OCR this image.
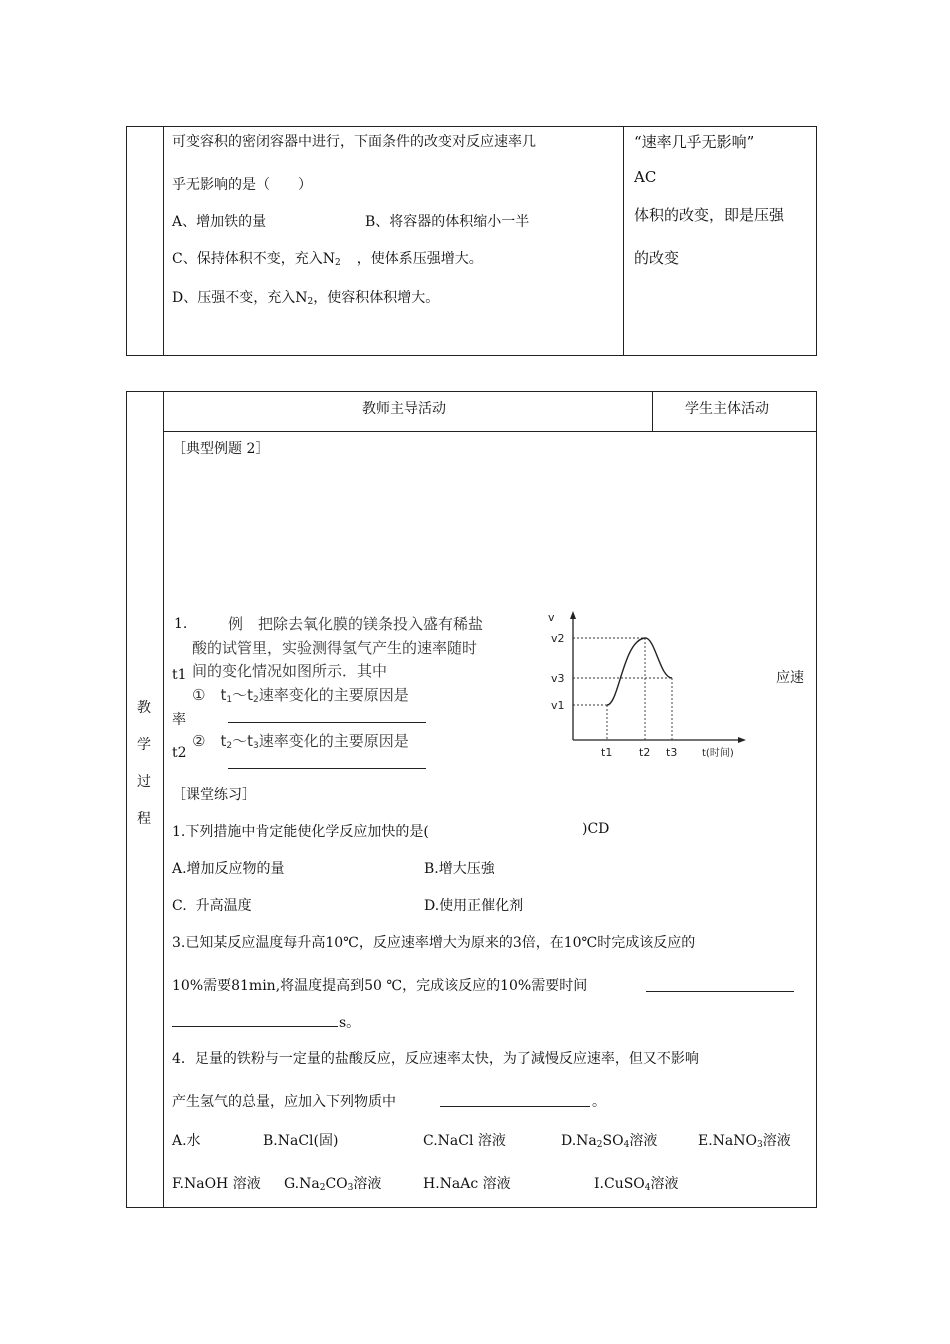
可变容积的密闭容器中进行，下面条件的改变对反应速率几
乎无影响的是（　　）
A、增加铁的量	B、将容器的体积缩小一半
C、保持体积不变，充入$N_2$ ，使体系压强增大。
D、压强不变，充入$N_2$，使容积体积增大。
“速率几乎无影响”
AC
体积的改变，即是压强
的改变
教师主导活动	学生主体活动
教
学
过
程
［典型例题 2］
1.	例　把除去氧化膜的镁条投入盛有稀盐
酸的试管里，实验测得氢气产生的速率随时
间的变化情况如图所示．其中
①　$t_1\sim t_2$速率变化的主要原因是
②　$t_2\sim t_3$速率变化的主要原因是
t1
率
t2
应速
v1
v3
v2
t1 t2 t3 t(时间)
v
［课堂练习］
1.下列措施中肯定能使化学反应加快的是(	)CD
A.增加反应物的量	B.增大压強
C.  升高温度	D.使用正催化剂
3.已知某反应温度每升高10℃，反应速率增大为原来的3倍，在10℃时完成该反应的
10%需要81min,将温度提高到50 ℃，完成该反应的10%需要时间
s。
4．足量的铁粉与一定量的盐酸反应，反应速率太快，为了減慢反应速率，但又不影响
产生氢气的总量，应加入下列物质中	。
A.水	B.NaCl(固)	C.NaCl 溶液	$D.Na_2SO_4$溶液	E.NaNO$_3$溶液
F.NaOH 溶液 $G.Na_2CO_3$溶液	H.NaAc 溶液	I.CuSO$_4$溶液
